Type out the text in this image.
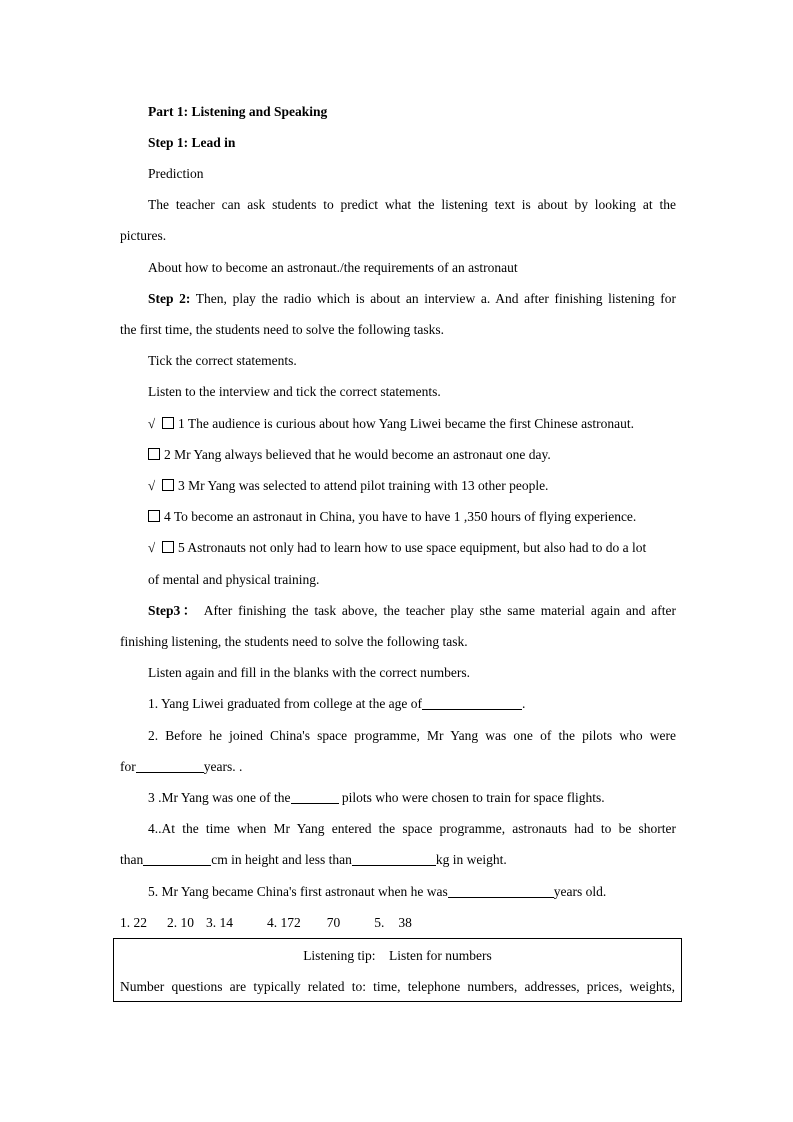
Part 1: Listening and Speaking
Step 1: Lead in
Prediction
The teacher can ask students to predict what the listening text is about by looking at the
pictures.
About how to become an astronaut./the requirements of an astronaut
Step 2: Then, play the radio which is about an interview a. And after finishing listening for
the first time, the students need to solve the following tasks.
Tick the correct statements.
Listen to the interview and tick the correct statements.
√ 1 The audience is curious about how Yang Liwei became the first Chinese astronaut.
2 Mr Yang always believed that he would become an astronaut one day.
√ 3 Mr Yang was selected to attend pilot training with 13 other people.
4 To become an astronaut in China, you have to have 1 ,350 hours of flying experience.
√ 5 Astronauts not only had to learn how to use space equipment, but also had to do a lot
of mental and physical training.
Step3： After finishing the task above, the teacher play sthe same material again and after
finishing listening, the students need to solve the following task.
Listen again and fill in the blanks with the correct numbers.
1. Yang Liwei graduated from college at the age of	.
2. Before he joined China's space programme, Mr Yang was one of the pilots who were
for	years. .
3 .Mr Yang was one of the	pilots who were chosen to train for space flights.
4..At the time when Mr Yang entered the space programme, astronauts had to be shorter
than	cm in height and less than	kg in weight.
5. Mr Yang became China's first astronaut when he was	years old.
1. 22 2. 10 3. 14	4. 172 70	5. 38
Listening tip:    Listen for numbers
Number questions are typically related to: time, telephone numbers, addresses, prices, weights,
